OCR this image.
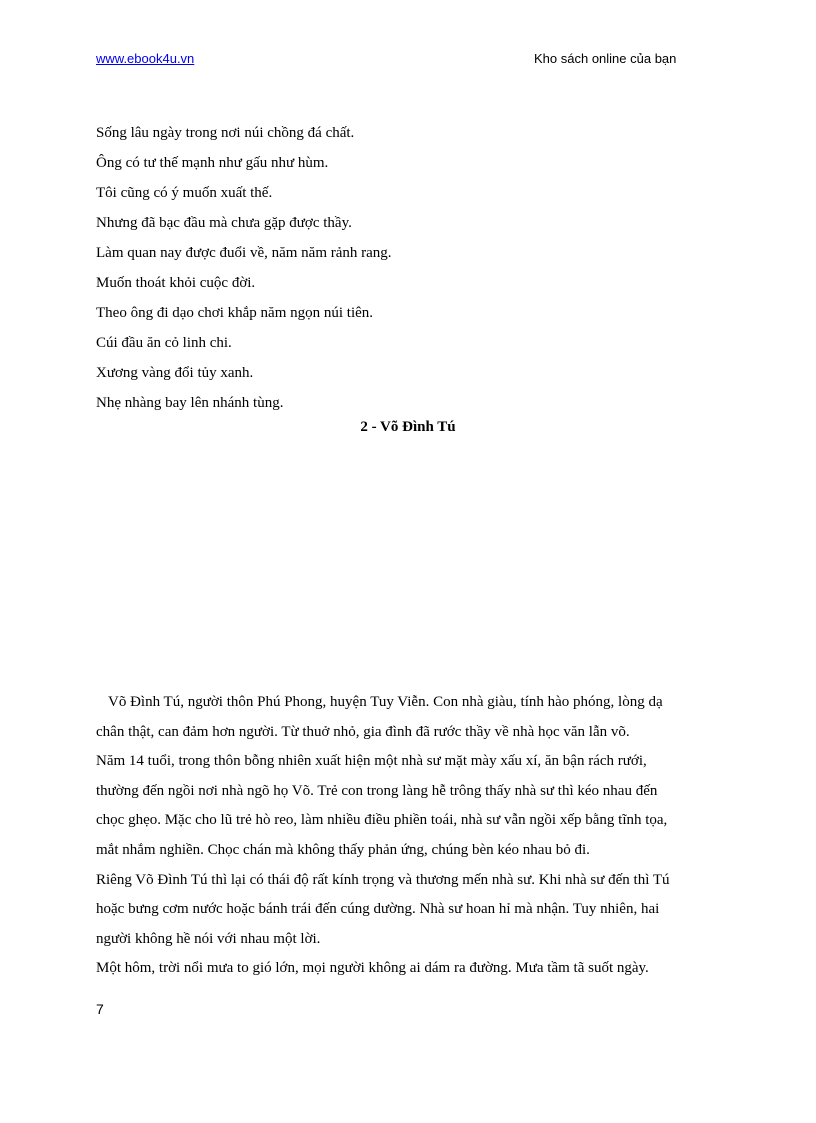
www.ebook4u.vn	Kho sách online của bạn
Sống lâu ngày trong nơi núi chồng đá chất.
Ông có tư thế mạnh như gấu như hùm.
Tôi cũng có ý muốn xuất thế.
Nhưng đã bạc đầu mà chưa gặp được thầy.
Làm quan nay được đuổi về, năm năm rảnh rang.
Muốn thoát khỏi cuộc đời.
Theo ông đi dạo chơi khắp năm ngọn núi tiên.
Cúi đầu ăn cỏ linh chi.
Xương vàng đổi tủy xanh.
Nhẹ nhàng bay lên nhánh tùng.
2 - Võ Đình Tú
Võ Đình Tú, người thôn Phú Phong, huyện Tuy Viễn. Con nhà giàu, tính hào phóng, lòng dạ
chân thật, can đảm hơn người. Từ thuở nhỏ, gia đình đã rước thầy về nhà học văn lẫn võ.
Năm 14 tuổi, trong thôn bỗng nhiên xuất hiện một nhà sư mặt mày xấu xí, ăn bận rách rưới,
thường đến ngồi nơi nhà ngõ họ Võ. Trẻ con trong làng hễ trông thấy nhà sư thì kéo nhau đến
chọc ghẹo. Mặc cho lũ trẻ hò reo, làm nhiều điều phiền toái, nhà sư vẫn ngồi xếp bằng tĩnh tọa,
mắt nhắm nghiền. Chọc chán mà không thấy phản ứng, chúng bèn kéo nhau bỏ đi.
Riêng Võ Đình Tú thì lại có thái độ rất kính trọng và thương mến nhà sư. Khi nhà sư đến thì Tú
hoặc bưng cơm nước hoặc bánh trái đến cúng dường. Nhà sư hoan hỉ mà nhận. Tuy nhiên, hai
người không hề nói với nhau một lời.
Một hôm, trời nổi mưa to gió lớn, mọi người không ai dám ra đường. Mưa tầm tã suốt ngày.
7
